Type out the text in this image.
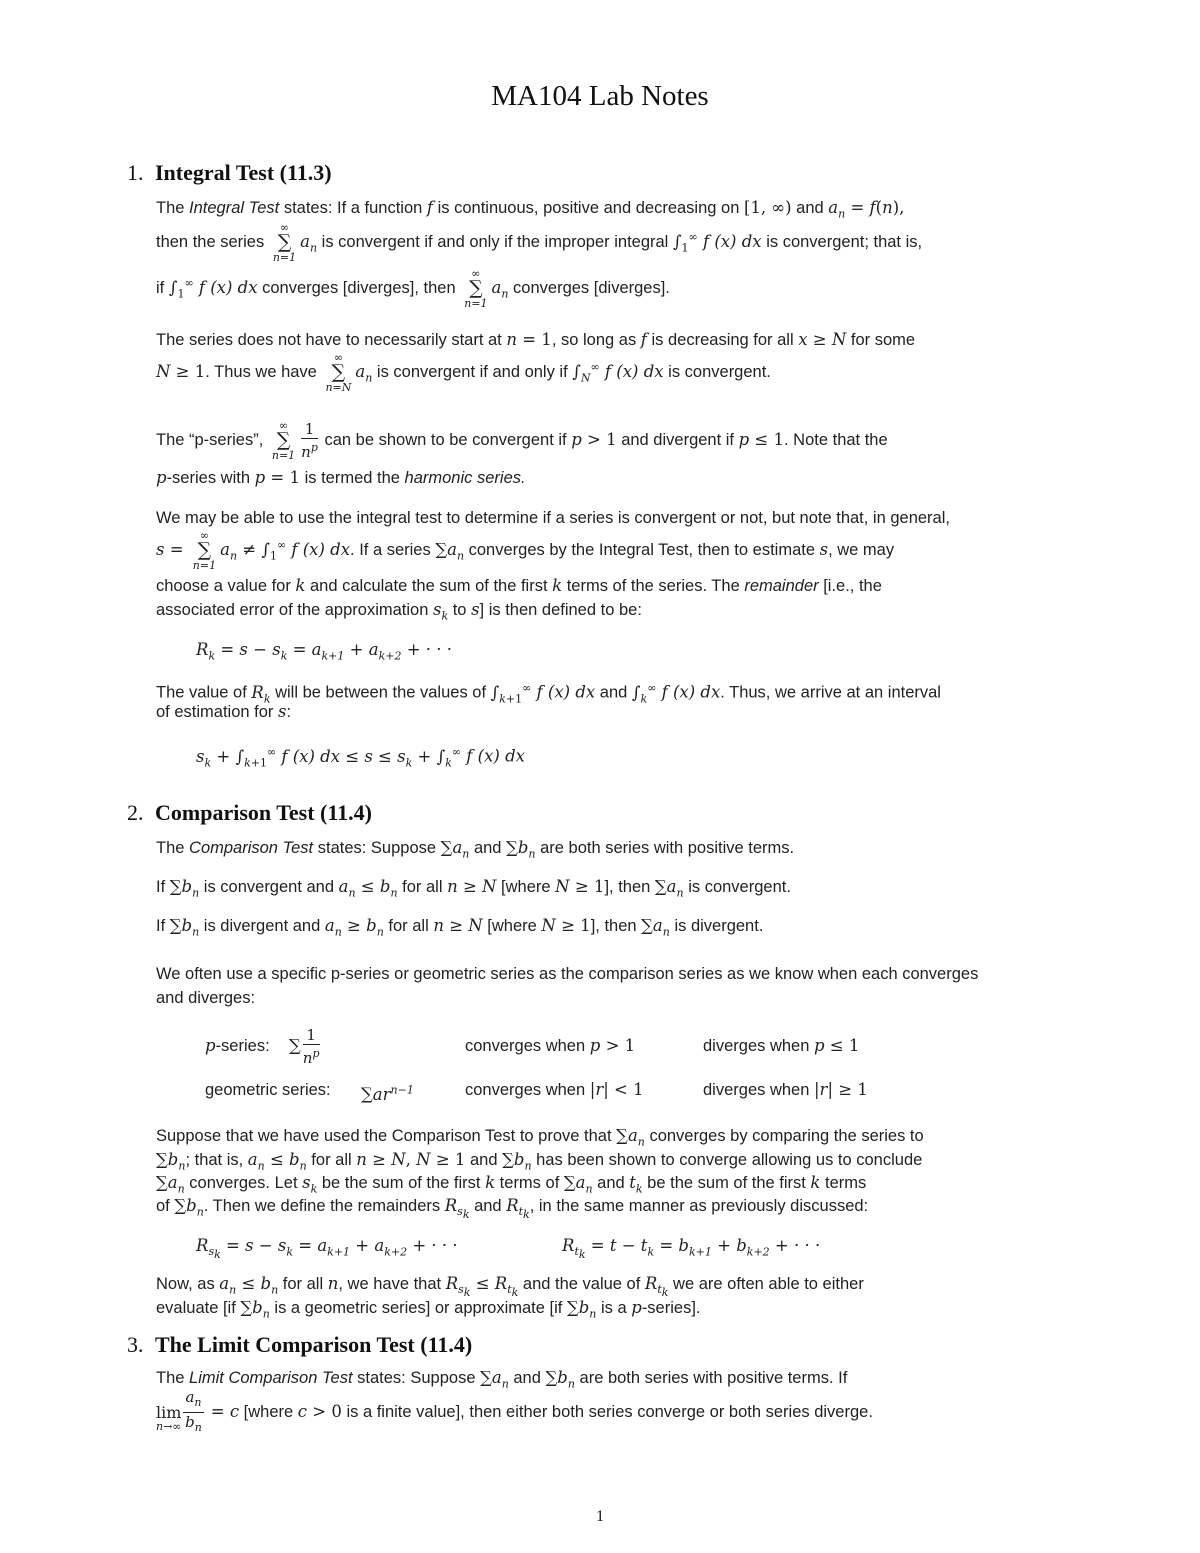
MA104 Lab Notes
1. Integral Test (11.3)
The Integral Test states: If a function f is continuous, positive and decreasing on [1, ∞) and $a_n = f(n)$,
then the series
∞
∑
n=1
$a_n$ is convergent if and only if the improper integral $\int_1^\infty$ f (x) dx is convergent; that is,
if $\int_1^\infty$ f (x) dx converges [diverges], then
∞
∑
n=1
$a_n$ converges [diverges].
The series does not have to necessarily start at n = 1, so long as f is decreasing for all x ≥ N for some
N ≥ 1. Thus we have
∞
∑
n=N
$a_n$ is convergent if and only if $\int_N^\infty$ f (x) dx is convergent.
The “p-series”,
∞
∑
$n=1 \frac{1}{n^p}$ can be shown to be convergent if p > 1 and divergent if p ≤ 1. Note that the
p-series with p = 1 is termed the harmonic series.
We may be able to use the integral test to determine if a series is convergent or not, but note that, in general,
s =
∞
∑
n=1
$a_n \ne \int_1^\infty$ f (x) dx. If a series $\sum a_n$ converges by the Integral Test, then to estimate s, we may
choose a value for k and calculate the sum of the first k terms of the series. The remainder [i.e., the
associated error of the approximation $s_k$ to s] is then defined to be:
$R_k = s - s_k = a_{k+1} + a_{k+2}$ + · · ·
The value of $R_k$ will be between the values of $\int_{k+1}^\infty$ f (x) dx and $\int_k^\infty$ f (x) dx. Thus, we arrive at an interval
of estimation for s:
$s_k + \int_{k+1}^\infty$ f (x) dx ≤ $s \le s_k + \int_k^\infty$ f (x) dx
2. Comparison Test (11.4)
The Comparison Test states: Suppose $\sum a_n$ and $\sum b_n$ are both series with positive terms.
If $\sum b_n$ is convergent and $a_n \le b_n$ for all n ≥ N [where N ≥ 1], then $\sum a_n$ is convergent.
If $\sum b_n$ is divergent and $a_n \ge b_n$ for all n ≥ N [where N ≥ 1], then $\sum a_n$ is divergent.
We often use a specific p-series or geometric series as the comparison series as we know when each converges
and diverges:
p-series: ∑ $\frac{1}{n^p}$	converges when p > 1	diverges when p ≤ 1
geometric series: $\sum ar^{n-1}$	converges when |r| < 1	diverges when |r| ≥ 1
Suppose that we have used the Comparison Test to prove that $\sum a_n$ converges by comparing the series to
$\sum b_n$; that is, $a_n \le b_n$ for all n ≥ N, N ≥ 1 and $\sum b_n$ has been shown to converge allowing us to conclude
$\sum a_n$ converges. Let $s_k$ be the sum of the first k terms of $\sum a_n$ and $t_k$ be the sum of the first k terms
of $\sum b_n$. Then we define the remainders $R_{s_k}$ and $R_{t_k}$, in the same manner as previously discussed:
$R_{s_k} = s - s_k = a_{k+1} + a_{k+2}$ + · · ·	$R_{t_k} = t - t_k = b_{k+1} + b_{k+2}$ + · · ·
Now, as $a_n \le b_n$ for all n, we have that $R_{s_k} \le R_{t_k}$ and the value of $R_{t_k}$ we are often able to either
evaluate [if $\sum b_n$ is a geometric series] or approximate [if $\sum b_n$ is a p-series].
3. The Limit Comparison Test (11.4)
The Limit Comparison Test states: Suppose $\sum a_n$ and $\sum b_n$ are both series with positive terms. If

lim
$n\to\infty \frac{a_n}{b_n} = c$ [where c > 0 is a finite value], then either both series converge or both series diverge.
1
